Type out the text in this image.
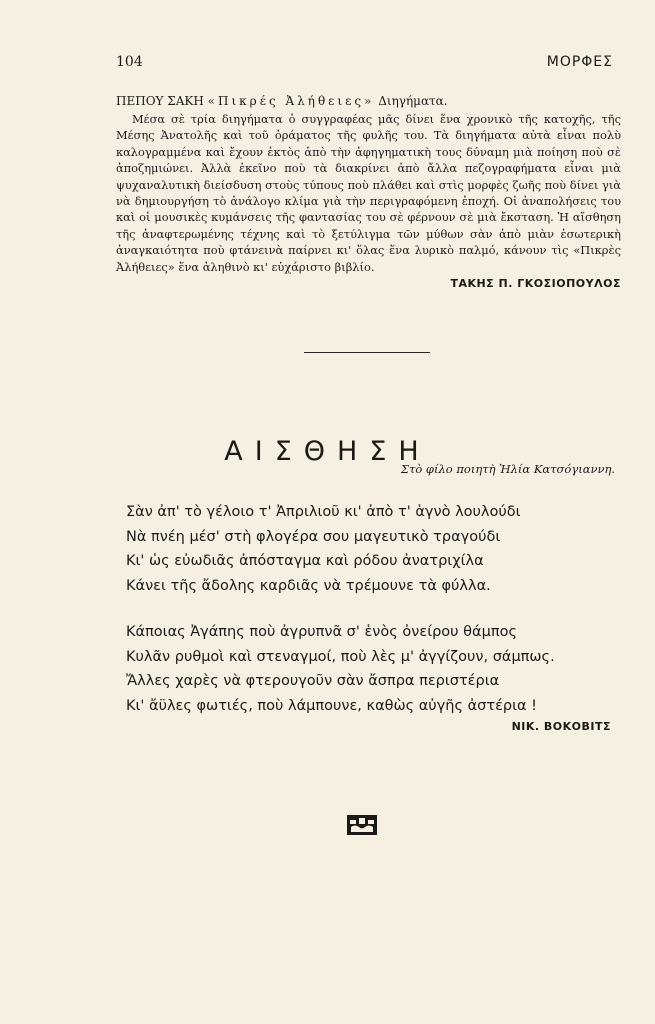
104	ΜΟΡΦΕΣ

ΠΕΠΟΥ ΣΑΚΗ «Πικρές Ἀλήθειες» Διηγήματα.

Μέσα σὲ τρία διηγήματα ὁ συγγραφέας μᾶς δίνει ἕνα χρονικὸ τῆς κατοχῆς, τῆς Μέσης Ἀνατολῆς καὶ τοῦ ὁράματος τῆς φυλῆς του. Τὰ διηγήματα αὐτὰ εἶναι πολὺ καλογραμμένα καὶ ἔχουν ἐκτὸς ἀπὸ τὴν ἀφηγηματικὴ τους δύναμη μιὰ ποίηση ποὺ σὲ ἀποζημιώνει. Ἀλλὰ ἐκεῖνο ποὺ τὰ διακρίνει ἀπὸ ἄλλα πεζογραφήματα εἶναι μιὰ ψυχαναλυτικὴ διείσδυση στοὺς τύπους ποὺ πλάθει καὶ στὶς μορφὲς ζωῆς ποὺ δίνει γιὰ νὰ δημιουργήση τὸ ἀνάλογο κλίμα γιὰ τὴν περιγραφόμενη ἐποχή. Οἱ ἀναπολήσεις του καὶ οἱ μουσικὲς κυμάνσεις τῆς φαντασίας του σὲ φέρνουν σὲ μιὰ ἔκσταση. Ἡ αἴσθηση τῆς ἀναφτερωμένης τέχνης καὶ τὸ ξετύλιγμα τῶν μύθων σὰν ἀπὸ μιὰν ἐσωτερικὴ ἀναγκαιότητα ποὺ φτάνεινὰ παίρνει κι' ὅλας ἕνα λυρικὸ παλμό, κάνουν τὶς «Πικρὲς Ἀλήθειες» ἕνα ἀληθινὸ κι' εὐχάριστο βιβλίο.

ΤΑΚΗΣ Π. ΓΚΟΣΙΟΠΟΥΛΟΣ
ΑΙΣΘΗΣΗ
Στὸ φίλο ποιητὴ Ἠλία Κατσόγιαννη.
Σὰν ἀπ' τὸ γέλοιο τ' Ἀπριλιοῦ κι' ἀπὸ τ' ἁγνὸ λουλούδι
Νὰ πνέη μέσ' στὴ φλογέρα σου μαγευτικὸ τραγούδι
Κι' ὡς εὐωδιᾶς ἀπόσταγμα καὶ ρόδου ἀνατριχίλα
Κάνει τῆς ἄδολης καρδιᾶς νὰ τρέμουνε τὰ φύλλα.
Κάποιας Ἀγάπης ποὺ ἀγρυπνᾶ σ' ἑνὸς ὀνείρου θάμπος
Κυλᾶν ρυθμοὶ καὶ στεναγμοί, ποὺ λὲς μ' ἀγγίζουν, σάμπως.
Ἄλλες χαρὲς νὰ φτερουγοῦν σὰν ἄσπρα περιστέρια
Κι' ἄϋλες φωτιές, ποὺ λάμπουνε, καθὼς αὐγῆς ἀστέρια !
ΝΙΚ. ΒΟΚΟΒΙΤΣ
